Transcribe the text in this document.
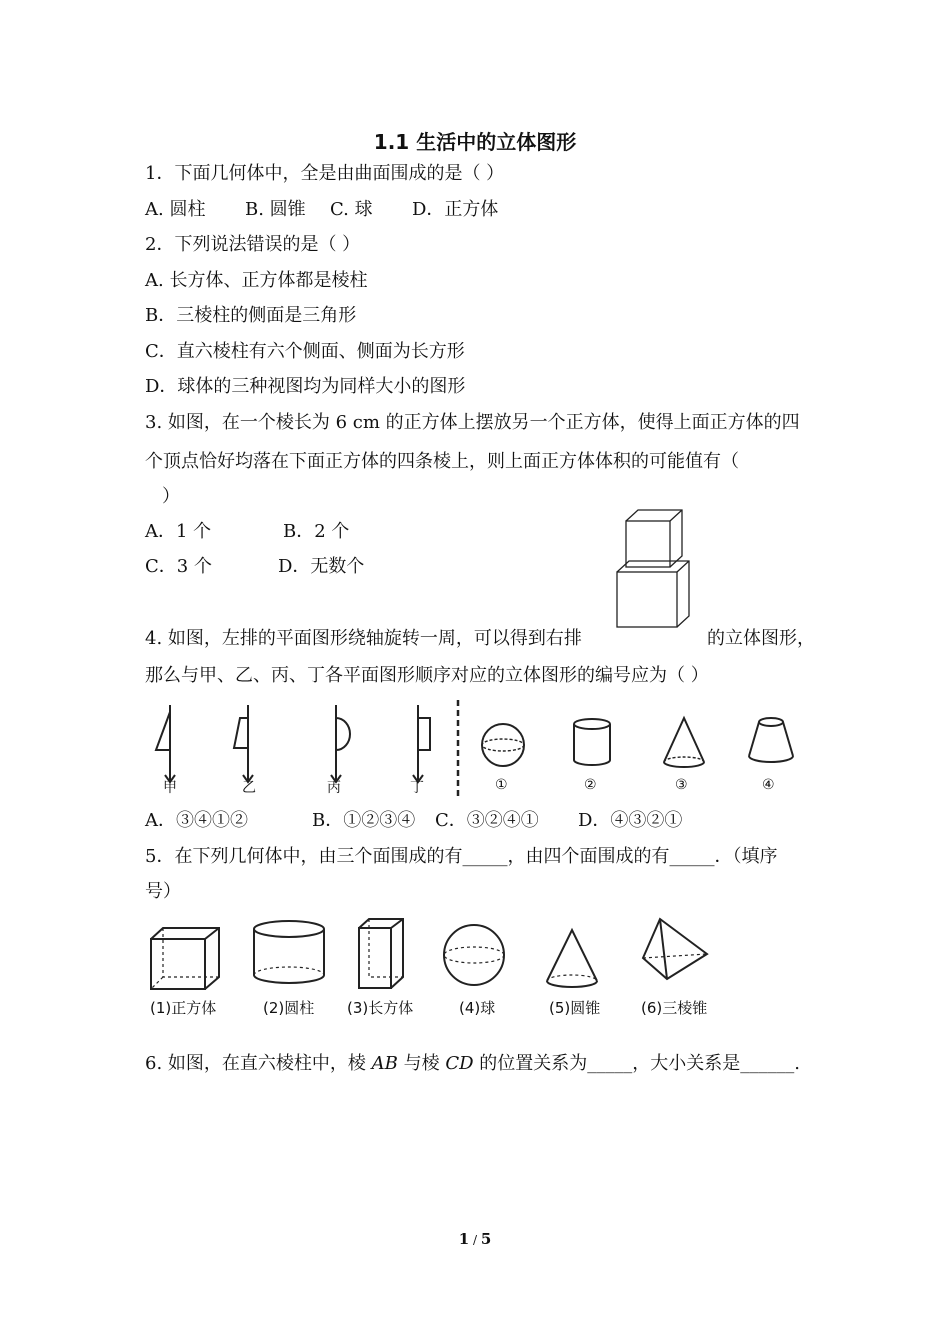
1.1 生活中的立体图形
1．下面几何体中，全是由曲面围成的是（ ）
A. 圆柱 B. 圆锥 C. 球 D．正方体
2．下列说法错误的是（ ）
A. 长方体、正方体都是棱柱
B．三棱柱的侧面是三角形
C．直六棱柱有六个侧面、侧面为长方形
D．球体的三种视图均为同样大小的图形
3. 如图，在一个棱长为 6 cm 的正方体上摆放另一个正方体，使得上面正方体的四
个顶点恰好均落在下面正方体的四条棱上，则上面正方体体积的可能值有（
）
A．1 个	B．2 个
C．3 个	D．无数个
4. 如图，左排的平面图形绕轴旋转一周，可以得到右排	的立体图形，
那么与甲、乙、丙、丁各平面图形顺序对应的立体图形的编号应为（ ）
甲	乙	丙	丁	①	②	③	④
A．③④①②	B．①②③④ C．③②④① D．④③②①
5．在下列几何体中，由三个面围成的有_____，由四个面围成的有_____．（填序
号）
(1)正方体	(2)圆柱 (3)长方体	(4)球	(5)圆锥	(6)三棱锥
6. 如图，在直六棱柱中，棱 AB 与棱 CD 的位置关系为_____，大小关系是______.
1 / 5
